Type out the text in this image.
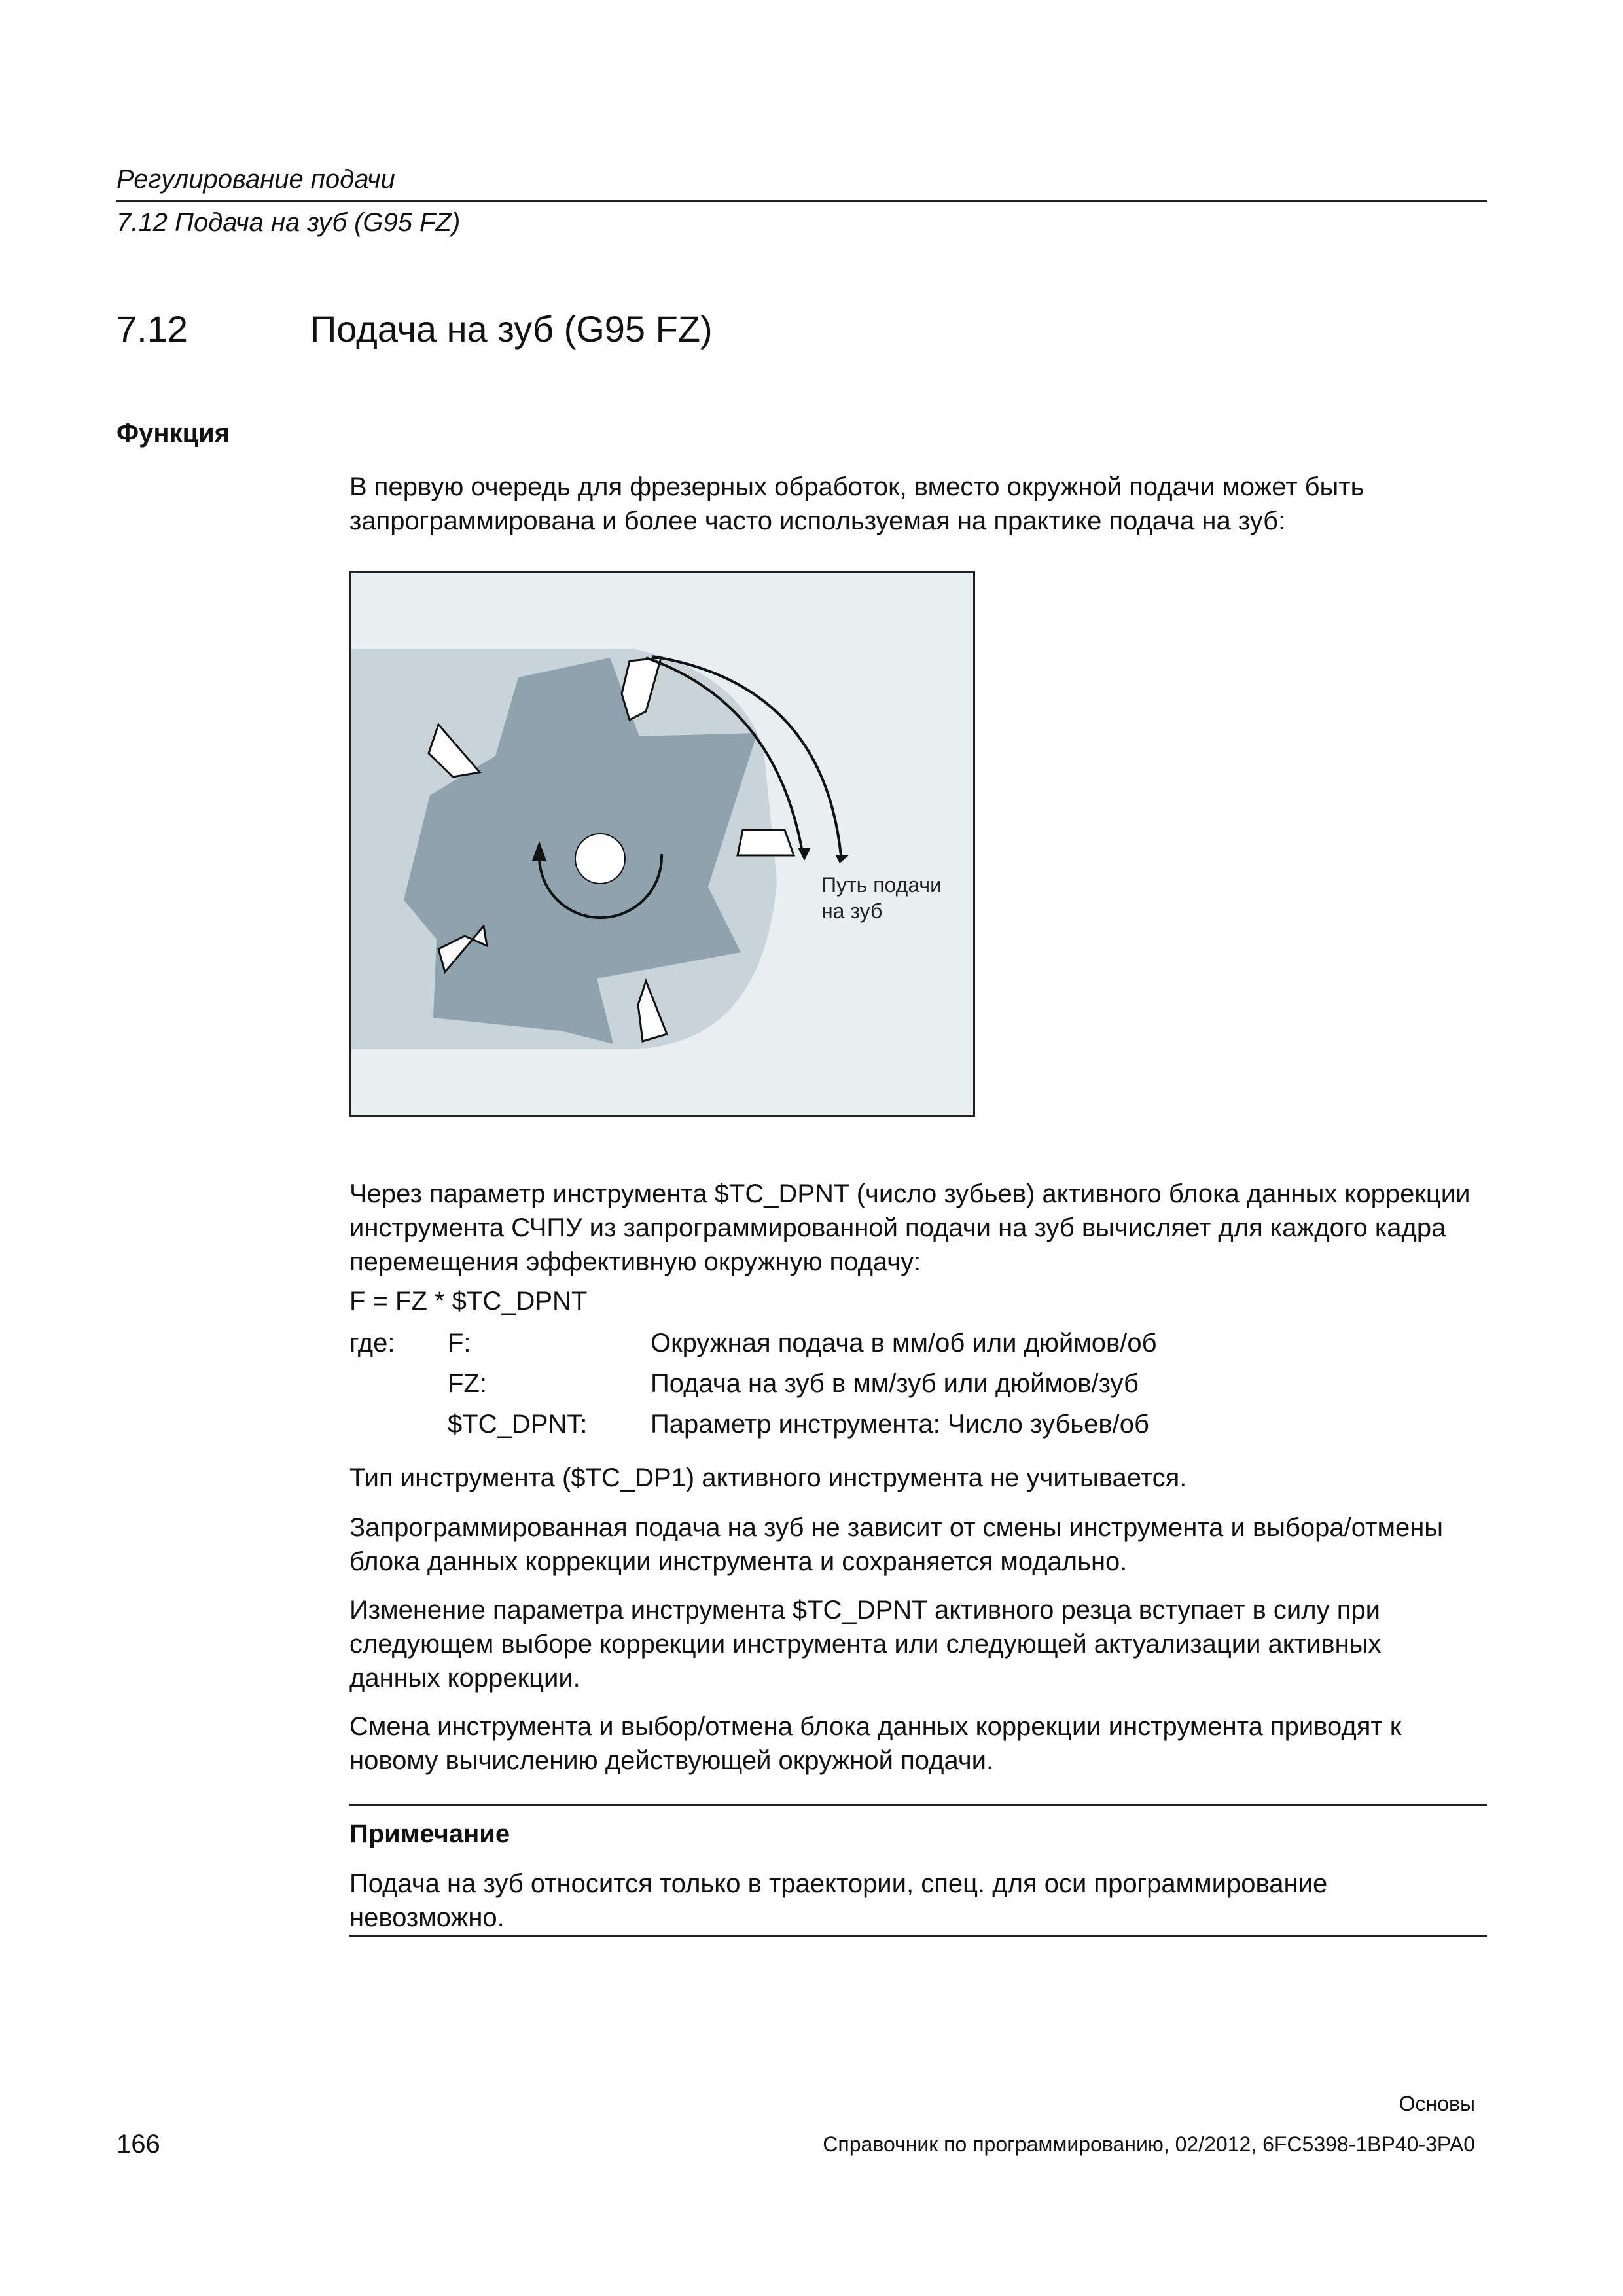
Регулирование подачи
7.12 Подача на зуб (G95 FZ)
7.12	Подача на зуб (G95 FZ)
Функция

В первую очередь для фрезерных обработок, вместо окружной подачи может быть запрограммирована и более часто используемая на практике подача на зуб:

Путь подачи
на зуб

Через параметр инструмента $TC_DPNT (число зубьев) активного блока данных коррекции инструмента СЧПУ из запрограммированной подачи на зуб вычисляет для каждого кадра перемещения эффективную окружную подачу:

F = FZ * $TC_DPNT
где: F:	Окружная подача в мм/об или дюймов/об
FZ:	Подача на зуб в мм/зуб или дюймов/зуб
$TC_DPNT: Параметр инструмента: Число зубьев/об
Тип инструмента ($TC_DP1) активного инструмента не учитывается.
Запрограммированная подача на зуб не зависит от смены инструмента и выбора/отмены блока данных коррекции инструмента и сохраняется модально.
Изменение параметра инструмента $TC_DPNT активного резца вступает в силу при следующем выборе коррекции инструмента или следующей актуализации активных данных коррекции.
Смена инструмента и выбор/отмена блока данных коррекции инструмента приводят к новому вычислению действующей окружной подачи.
Примечание
Подача на зуб относится только в траектории, спец. для оси программирование невозможно.
Основы
166	Справочник по программированию, 02/2012, 6FC5398-1BP40-3PA0
